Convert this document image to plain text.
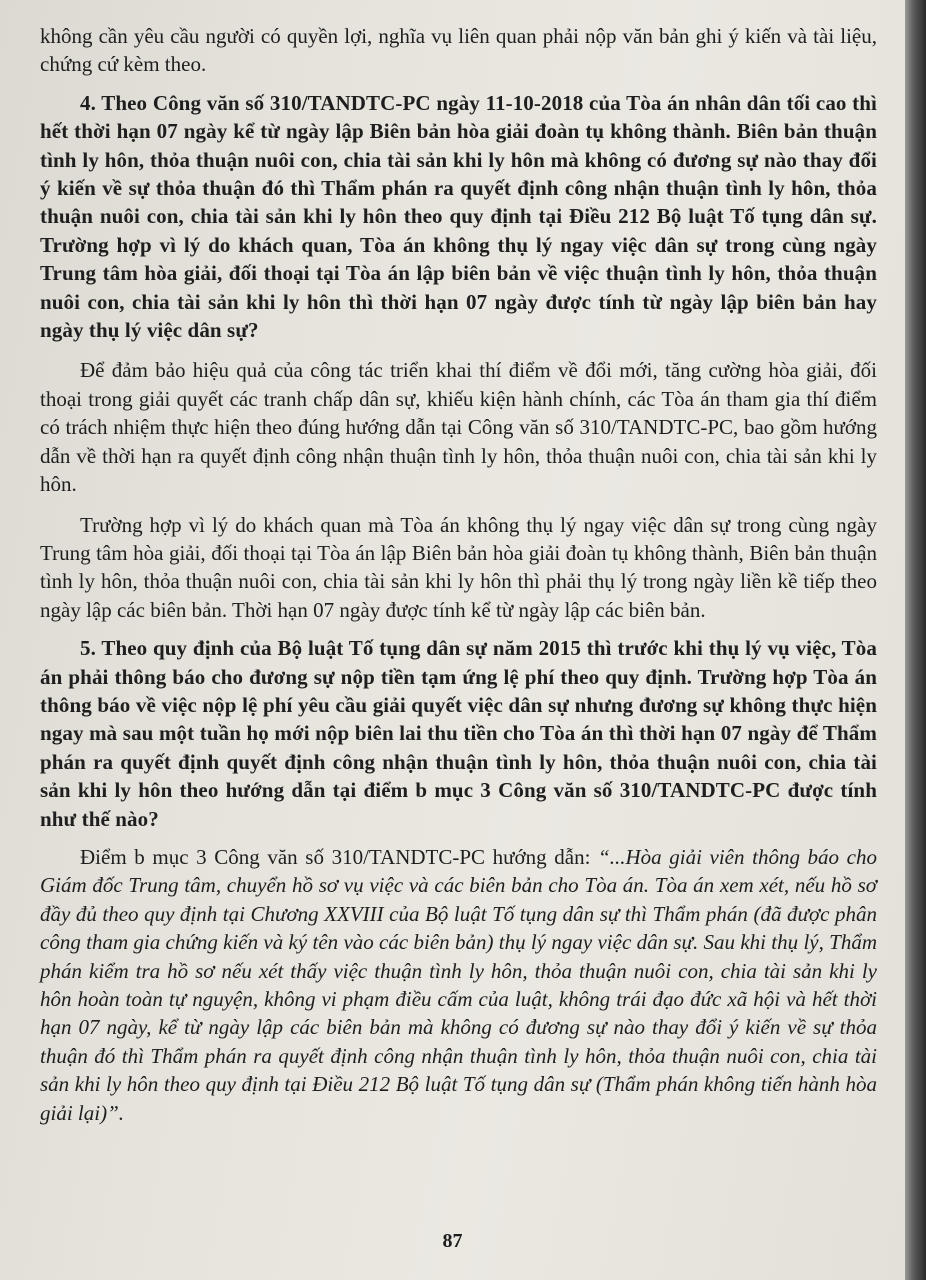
không cần yêu cầu người có quyền lợi, nghĩa vụ liên quan phải nộp văn bản ghi ý kiến và tài liệu, chứng cứ kèm theo.

4. Theo Công văn số 310/TANDTC-PC ngày 11-10-2018 của Tòa án nhân dân tối cao thì hết thời hạn 07 ngày kể từ ngày lập Biên bản hòa giải đoàn tụ không thành. Biên bản thuận tình ly hôn, thỏa thuận nuôi con, chia tài sản khi ly hôn mà không có đương sự nào thay đổi ý kiến về sự thỏa thuận đó thì Thẩm phán ra quyết định công nhận thuận tình ly hôn, thỏa thuận nuôi con, chia tài sản khi ly hôn theo quy định tại Điều 212 Bộ luật Tố tụng dân sự. Trường hợp vì lý do khách quan, Tòa án không thụ lý ngay việc dân sự trong cùng ngày Trung tâm hòa giải, đối thoại tại Tòa án lập biên bản về việc thuận tình ly hôn, thỏa thuận nuôi con, chia tài sản khi ly hôn thì thời hạn 07 ngày được tính từ ngày lập biên bản hay ngày thụ lý việc dân sự?

Để đảm bảo hiệu quả của công tác triển khai thí điểm về đổi mới, tăng cường hòa giải, đối thoại trong giải quyết các tranh chấp dân sự, khiếu kiện hành chính, các Tòa án tham gia thí điểm có trách nhiệm thực hiện theo đúng hướng dẫn tại Công văn số 310/TANDTC-PC, bao gồm hướng dẫn về thời hạn ra quyết định công nhận thuận tình ly hôn, thỏa thuận nuôi con, chia tài sản khi ly hôn.

Trường hợp vì lý do khách quan mà Tòa án không thụ lý ngay việc dân sự trong cùng ngày Trung tâm hòa giải, đối thoại tại Tòa án lập Biên bản hòa giải đoàn tụ không thành, Biên bản thuận tình ly hôn, thỏa thuận nuôi con, chia tài sản khi ly hôn thì phải thụ lý trong ngày liền kề tiếp theo ngày lập các biên bản. Thời hạn 07 ngày được tính kể từ ngày lập các biên bản.

5. Theo quy định của Bộ luật Tố tụng dân sự năm 2015 thì trước khi thụ lý vụ việc, Tòa án phải thông báo cho đương sự nộp tiền tạm ứng lệ phí theo quy định. Trường hợp Tòa án thông báo về việc nộp lệ phí yêu cầu giải quyết việc dân sự nhưng đương sự không thực hiện ngay mà sau một tuần họ mới nộp biên lai thu tiền cho Tòa án thì thời hạn 07 ngày để Thẩm phán ra quyết định quyết định công nhận thuận tình ly hôn, thỏa thuận nuôi con, chia tài sản khi ly hôn theo hướng dẫn tại điểm b mục 3 Công văn số 310/TANDTC-PC được tính như thế nào?

Điểm b mục 3 Công văn số 310/TANDTC-PC hướng dẫn: “...Hòa giải viên thông báo cho Giám đốc Trung tâm, chuyển hồ sơ vụ việc và các biên bản cho Tòa án. Tòa án xem xét, nếu hồ sơ đầy đủ theo quy định tại Chương XXVIII của Bộ luật Tố tụng dân sự thì Thẩm phán (đã được phân công tham gia chứng kiến và ký tên vào các biên bản) thụ lý ngay việc dân sự. Sau khi thụ lý, Thẩm phán kiểm tra hồ sơ nếu xét thấy việc thuận tình ly hôn, thỏa thuận nuôi con, chia tài sản khi ly hôn hoàn toàn tự nguyện, không vi phạm điều cấm của luật, không trái đạo đức xã hội và hết thời hạn 07 ngày, kể từ ngày lập các biên bản mà không có đương sự nào thay đổi ý kiến về sự thỏa thuận đó thì Thẩm phán ra quyết định công nhận thuận tình ly hôn, thỏa thuận nuôi con, chia tài sản khi ly hôn theo quy định tại Điều 212 Bộ luật Tố tụng dân sự (Thẩm phán không tiến hành hòa giải lại)”.

87
